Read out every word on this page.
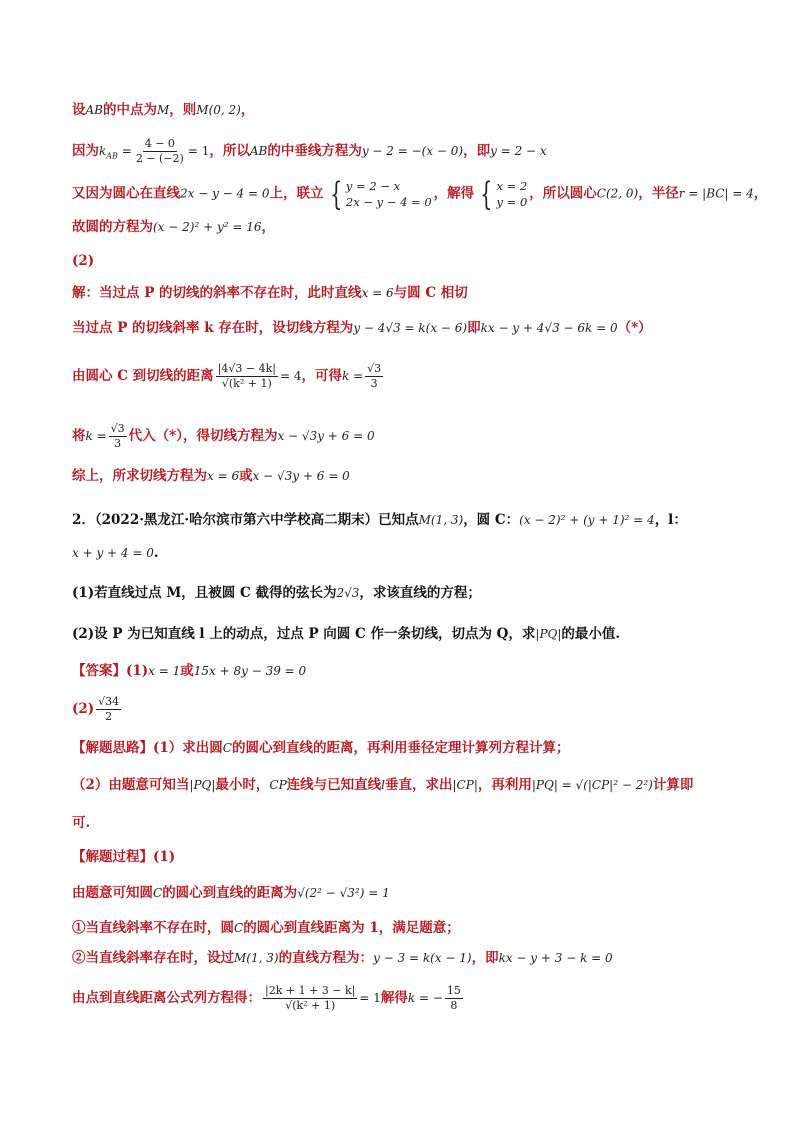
设AB的中点为M，则M(0, 2)，
因为$k_{AB} = \frac{4 - 0}{2 - (-2)} = 1$，所以AB的中垂线方程为y − 2 = −(x − 0)，即y = 2 − x
又因为圆心在直线2x − y − 4 = 0上，联立 { y = 2 − x
2x − y − 4 = 0
，解得 { x = 2
y = 0
，所以圆心C(2, 0)，半径r = |BC| = 4，
故圆的方程为(x − 2)² + y² = 16，
(2)
解：当过点 P 的切线的斜率不存在时，此时直线x = 6与圆 C 相切
当过点 P 的切线斜率 k 存在时，设切线方程为y − 4√3 = k(x − 6)即kx − y + 4√3 − 6k = 0（*）
由圆心 C 到切线的距离 $\frac{|4√3 - 4k|}{\text{√(k² + 1)}} = 4$，可得$k = \frac{√3}{3}$
将$k = \frac{√3}{3}$ 代入（*），得切线方程为x − √3y + 6 = 0
综上，所求切线方程为x = 6或x − √3y + 6 = 0
2．（2022·黑龙江·哈尔滨市第六中学校高二期末）已知点M(1, 3)，圆 C：(x − 2)² + (y + 1)² = 4，l：
x + y + 4 = 0.
(1)若直线过点 M，且被圆 C 截得的弦长为2√3，求该直线的方程；
(2)设 P 为已知直线 l 上的动点，过点 P 向圆 C 作一条切线，切点为 Q，求|PQ|的最小值.
【答案】(1)x = 1或15x + 8y − 39 = 0
$(2) \frac{√34}{2}$
【解题思路】(1）求出圆C的圆心到直线的距离，再利用垂径定理计算列方程计算；
（2）由题意可知当|PQ|最小时，CP连线与已知直线l垂直，求出|CP|，再利用|PQ| = √(|CP|² − 2²)计算即
可.
【解题过程】(1)
由题意可知圆C的圆心到直线的距离为√(2² − √3²) = 1
①当直线斜率不存在时，圆C的圆心到直线距离为 1，满足题意；
②当直线斜率存在时，设过M(1, 3)的直线方程为：y − 3 = k(x − 1)，即kx − y + 3 − k = 0
由点到直线距离公式列方程得： $\frac{|2k + 1 + 3 - k|}{\text{√(k² + 1)}} = 1$解得k = − $\frac{15}{8}$
